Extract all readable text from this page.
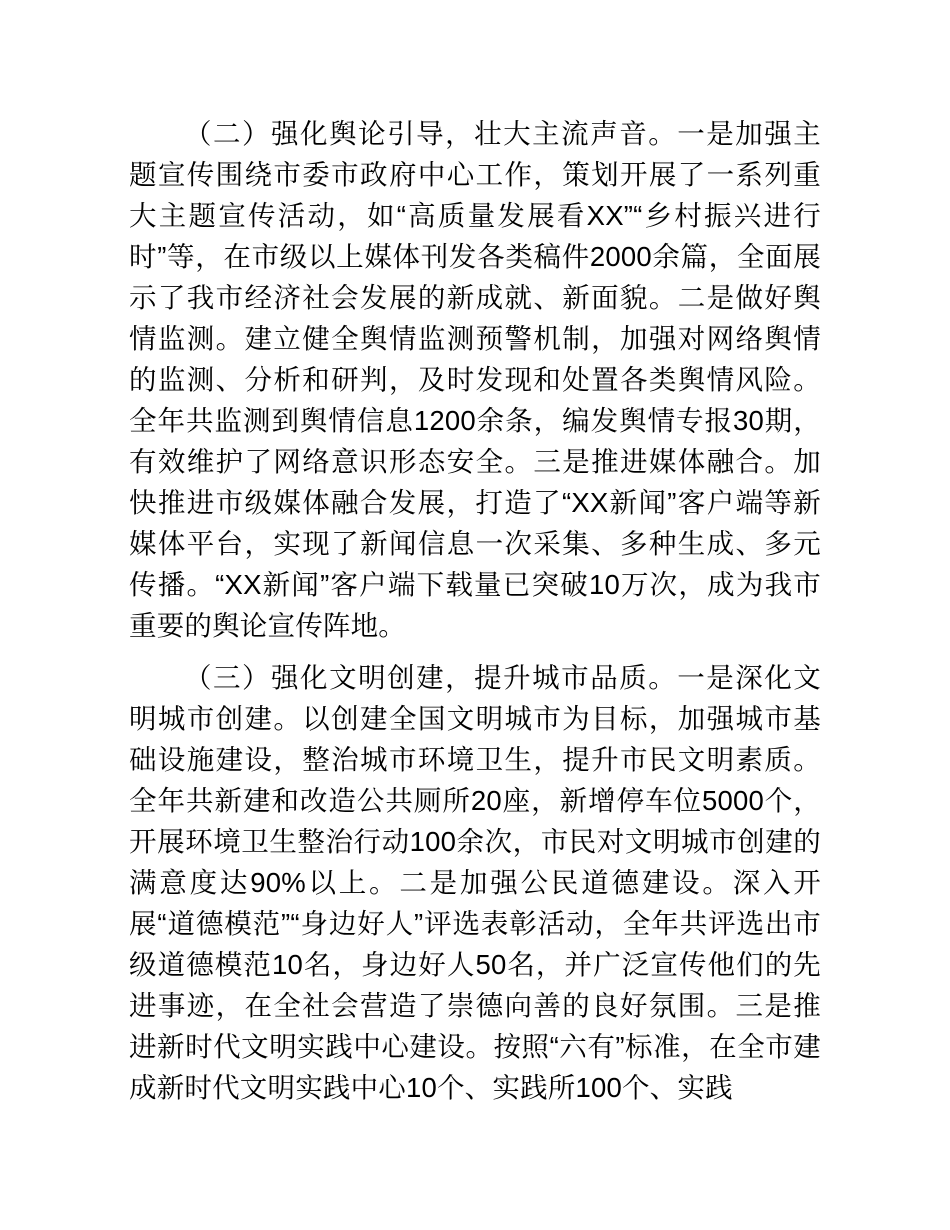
（二）强化舆论引导，壮大主流声音。一是加强主题宣传围绕市委市政府中心工作，策划开展了一系列重大主题宣传活动，如“高质量发展看XX”“乡村振兴进行时”等，在市级以上媒体刊发各类稿件2000余篇，全面展示了我市经济社会发展的新成就、新面貌。二是做好舆情监测。建立健全舆情监测预警机制，加强对网络舆情的监测、分析和研判，及时发现和处置各类舆情风险。全年共监测到舆情信息1200余条，编发舆情专报30期，有效维护了网络意识形态安全。三是推进媒体融合。加快推进市级媒体融合发展，打造了“XX新闻”客户端等新媒体平台，实现了新闻信息一次采集、多种生成、多元传播。“XX新闻”客户端下载量已突破10万次，成为我市重要的舆论宣传阵地。

（三）强化文明创建，提升城市品质。一是深化文明城市创建。以创建全国文明城市为目标，加强城市基础设施建设，整治城市环境卫生，提升市民文明素质。全年共新建和改造公共厕所20座，新增停车位5000个，开展环境卫生整治行动100余次，市民对文明城市创建的满意度达90%以上。二是加强公民道德建设。深入开展“道德模范”“身边好人”评选表彰活动，全年共评选出市级道德模范10名，身边好人50名，并广泛宣传他们的先进事迹，在全社会营造了崇德向善的良好氛围。三是推进新时代文明实践中心建设。按照“六有”标准，在全市建成新时代文明实践中心10个、实践所100个、实践
